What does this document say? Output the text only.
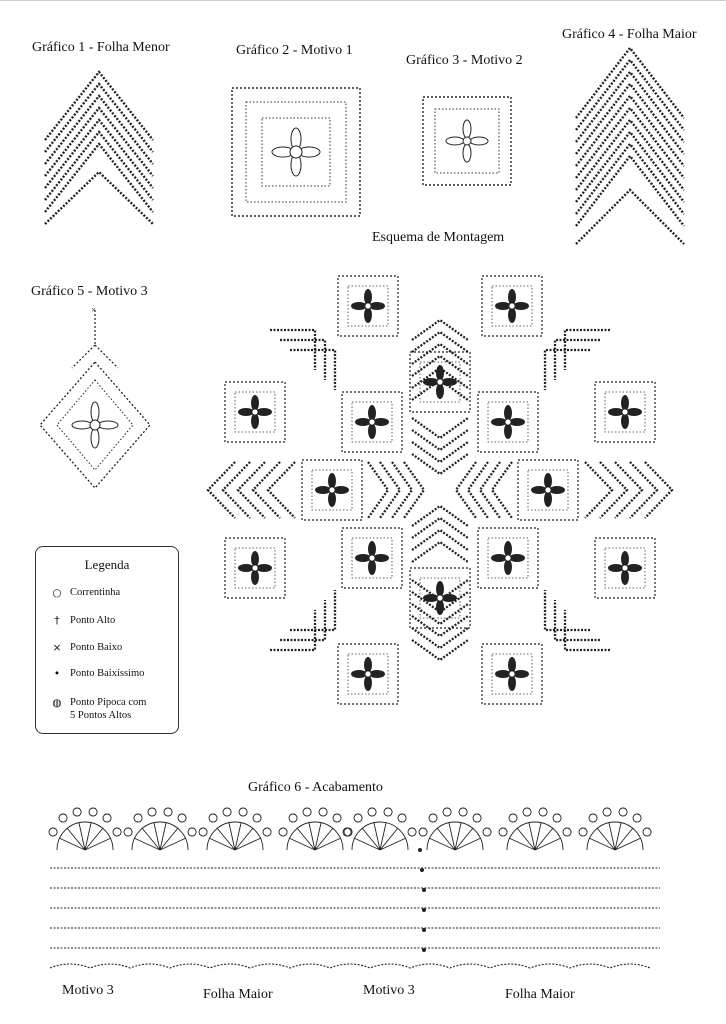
Gráfico 1 - Folha Menor	Gráfico 2 - Motivo 1
Gráfico 3 - Motivo 2
Gráfico 4 - Folha Maior
Gráfico 5 - Motivo 3
Esquema de Montagem
Gráfico 6 - Acabamento
×
Legenda
○ Correntinha
† Ponto Alto
× Ponto Baixo
• Ponto Baixíssimo
◍ Ponto Pipoca com
5 Pontos Altos
Motivo 3	Folha Maior	Motivo 3	Folha Maior
